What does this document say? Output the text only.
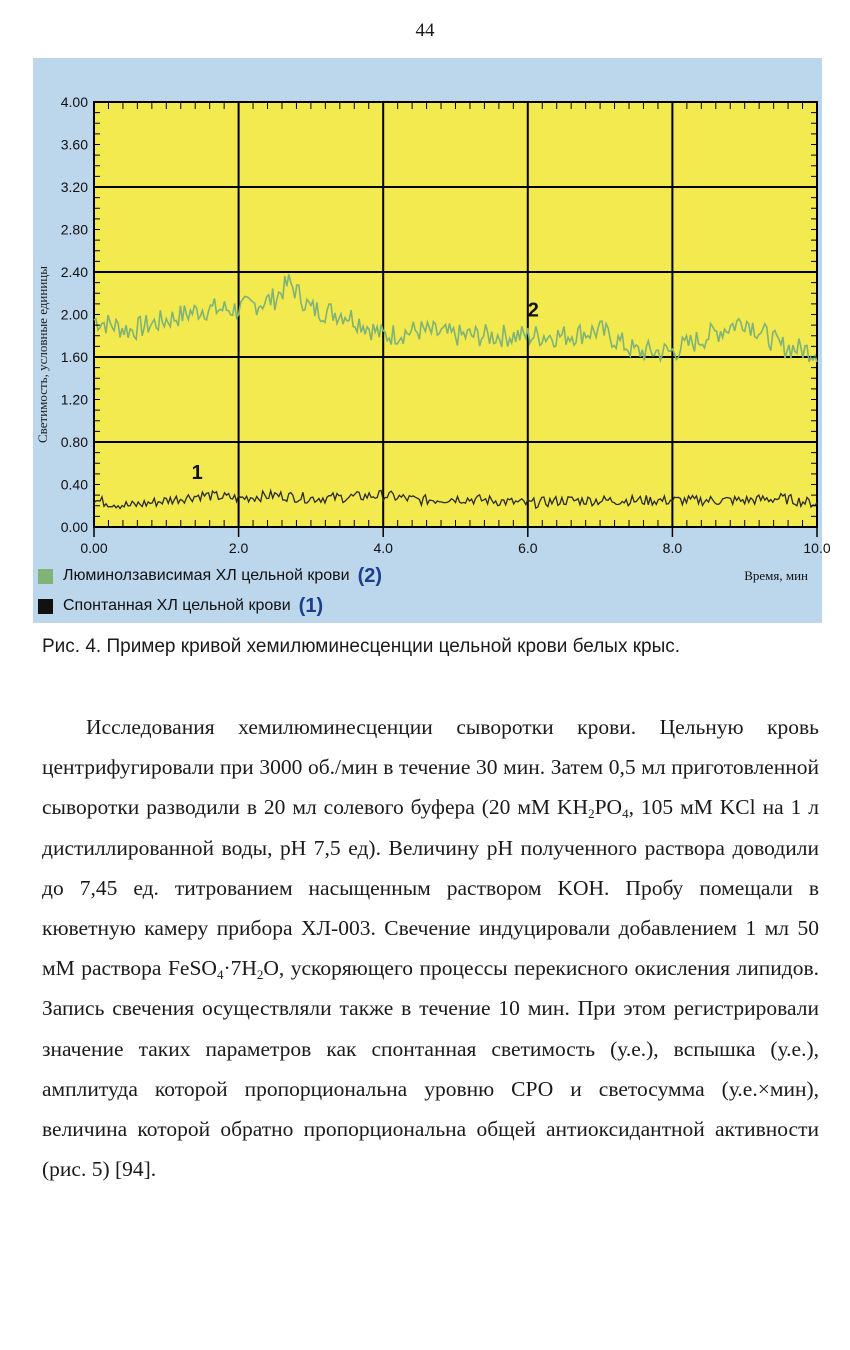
44
0.00	2.0	4.0	6.0	8.0	10.0
0.00
0.40
0.80
1.20
1.60
2.00
2.40
2.80
3.20
3.60
4.00
Светимость, условные единицы	2
1
Люминолзависимая ХЛ цельной крови (2)
Спонтанная ХЛ цельной крови (1)
Время, мин
Рис. 4. Пример кривой хемилюминесценции цельной крови белых крыс.

Исследования хемилюминесценции сыворотки крови. Цельную кровь центрифугировали при 3000 об./мин в течение 30 мин. Затем 0,5 мл приготовленной сыворотки разводили в 20 мл солевого буфера (20 мМ $KH_2PO_4$, 105 мМ KCl на 1 л дистиллированной воды, pH 7,5 ед). Величину pH полученного раствора доводили до 7,45 ед. титрованием насыщенным раствором KOH. Пробу помещали в кюветную камеру прибора ХЛ-003. Свечение индуцировали добавлением 1 мл 50 мМ раствора $FeSO_4\cdot 7H_2O$, ускоряющего процессы перекисного окисления липидов. Запись свечения осуществляли также в течение 10 мин. При этом регистрировали значение таких параметров как спонтанная светимость (у.е.), вспышка (у.е.), амплитуда которой пропорциональна уровню СРО и светосумма (у.е.×мин), величина которой обратно пропорциональна общей антиоксидантной активности (рис. 5) [94].
